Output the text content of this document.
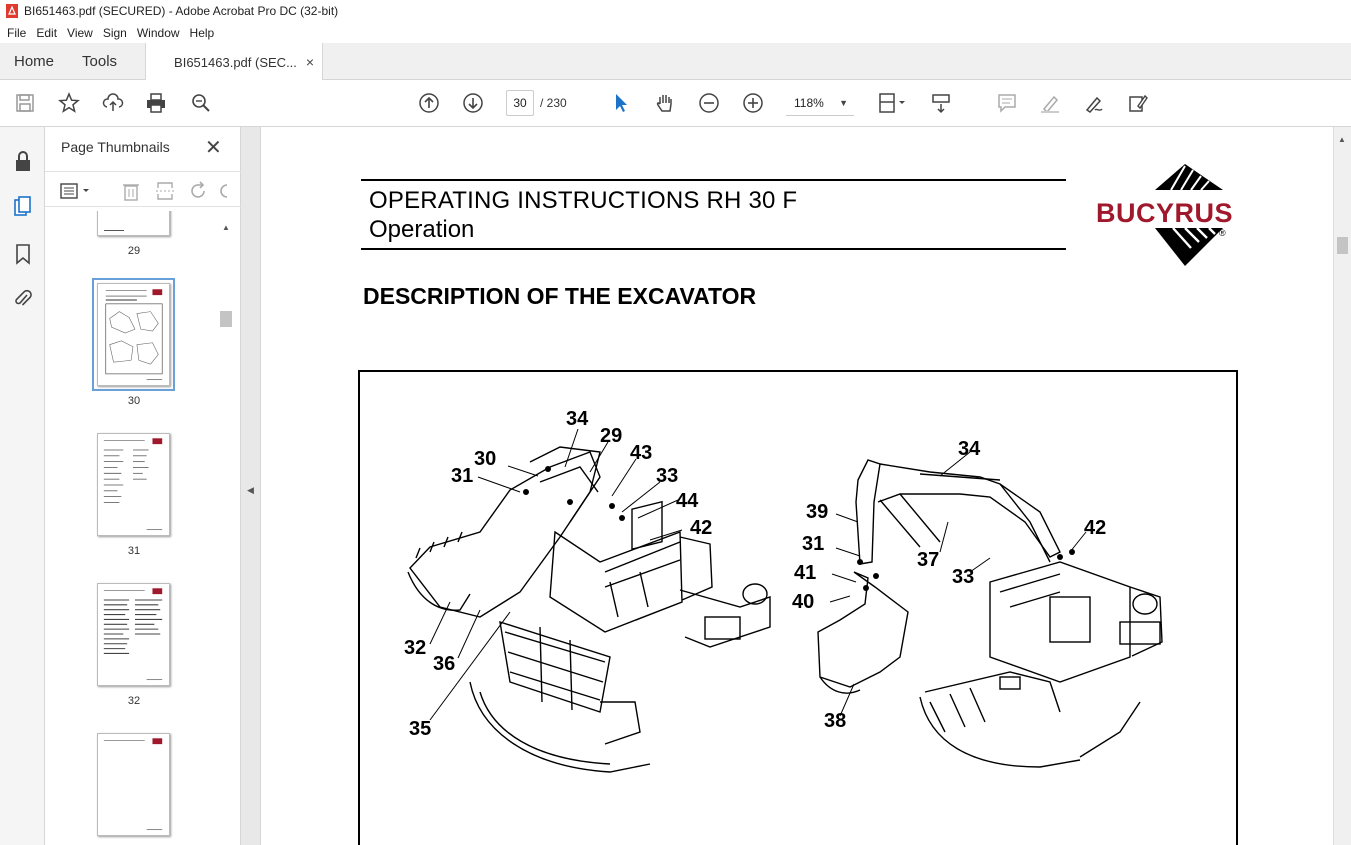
BI651463.pdf (SECURED) - Adobe Acrobat Pro DC (32-bit)
File Edit View Sign Window Help
Home	Tools	BI651463.pdf (SEC... ×
30	/ 230	118% ▼
Page Thumbnails ✕
29
30
31
32
▲
◀
OPERATING INSTRUCTIONS RH 30 F
Operation
BUCYRUS
®
DESCRIPTION OF THE EXCAVATOR
34
29
30	43
31	33
44
42
32
36
35
34
39
42
31
37
41	33
40
38
▲
